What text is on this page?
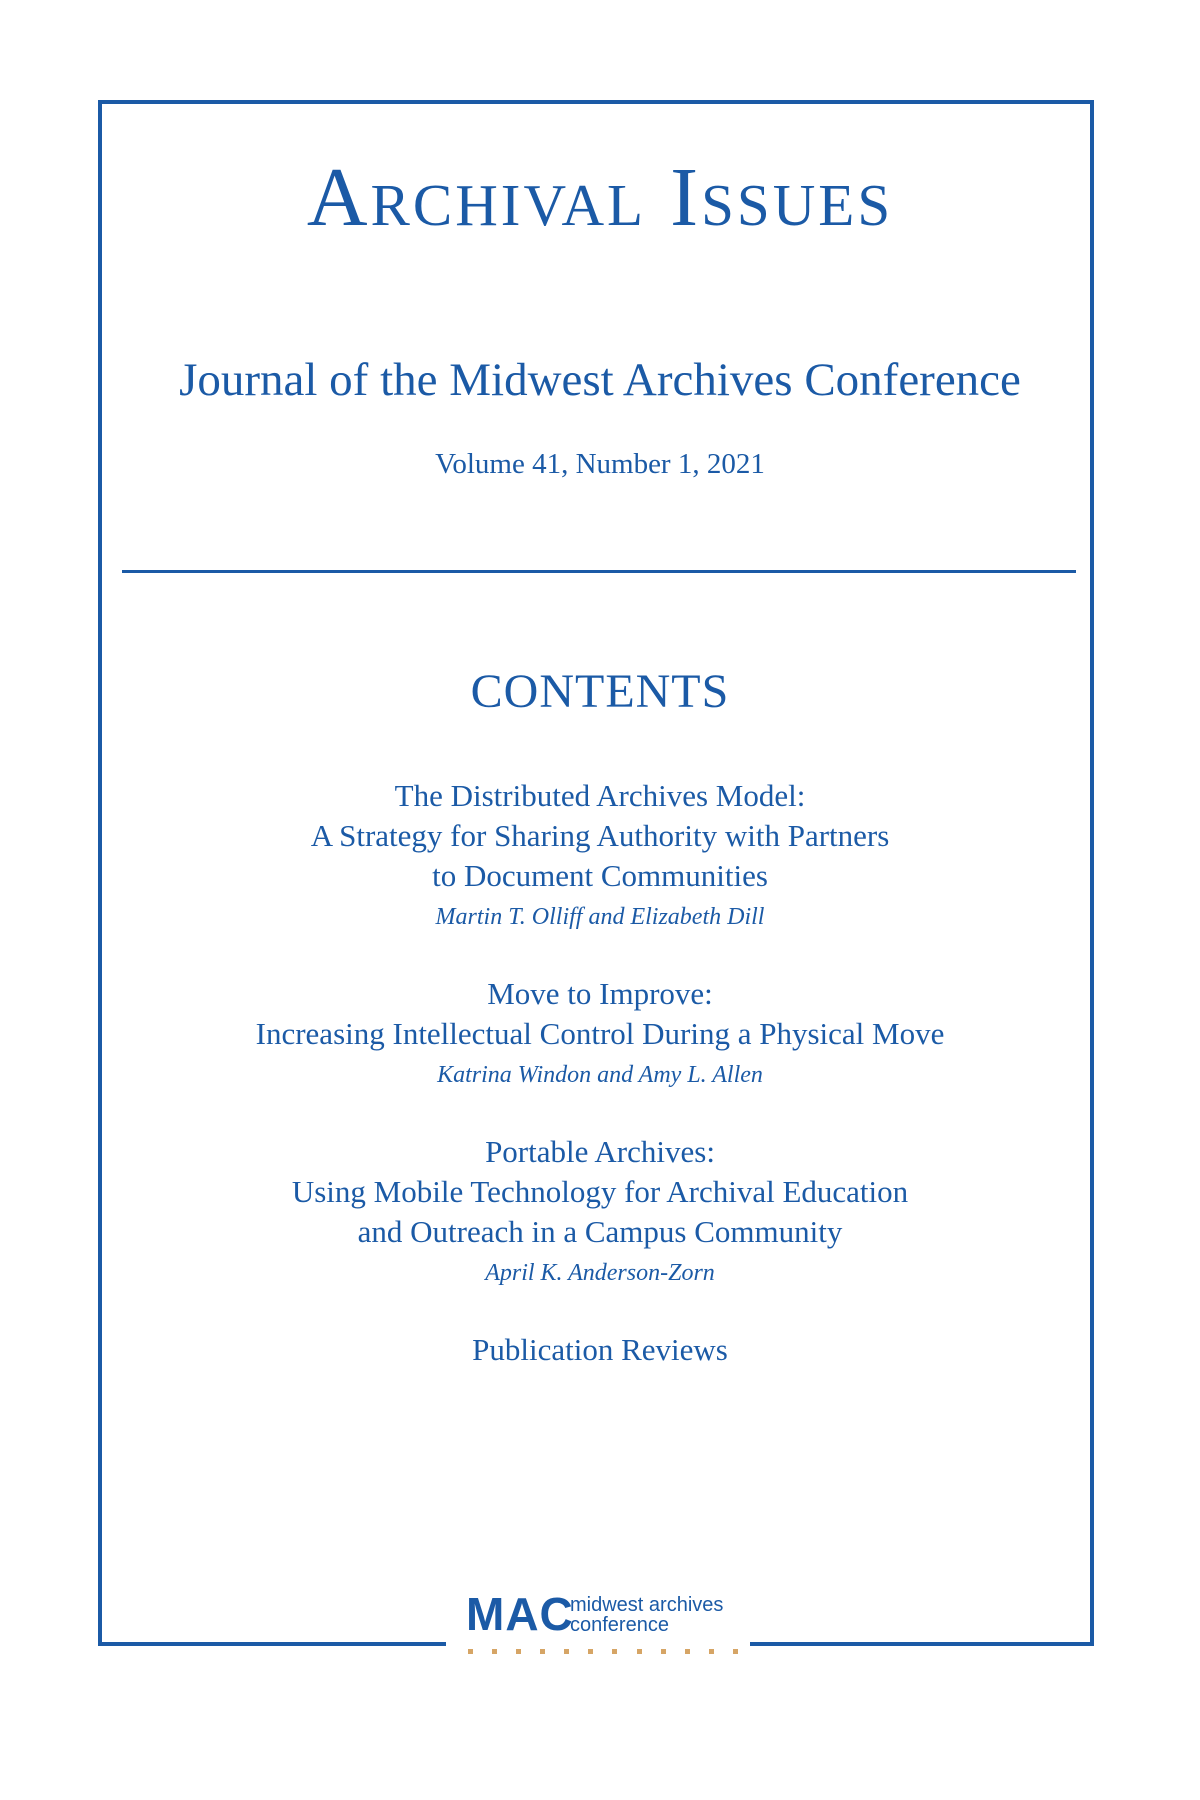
Archival Issues
Journal of the Midwest Archives Conference
Volume 41, Number 1, 2021
CONTENTS
The Distributed Archives Model:
A Strategy for Sharing Authority with Partners
to Document Communities
Martin T. Olliff and Elizabeth Dill
Move to Improve:
Increasing Intellectual Control During a Physical Move
Katrina Windon and Amy L. Allen
Portable Archives:
Using Mobile Technology for Archival Education
and Outreach in a Campus Community
April K. Anderson-Zorn
Publication Reviews
MAC
midwest archives
conference
